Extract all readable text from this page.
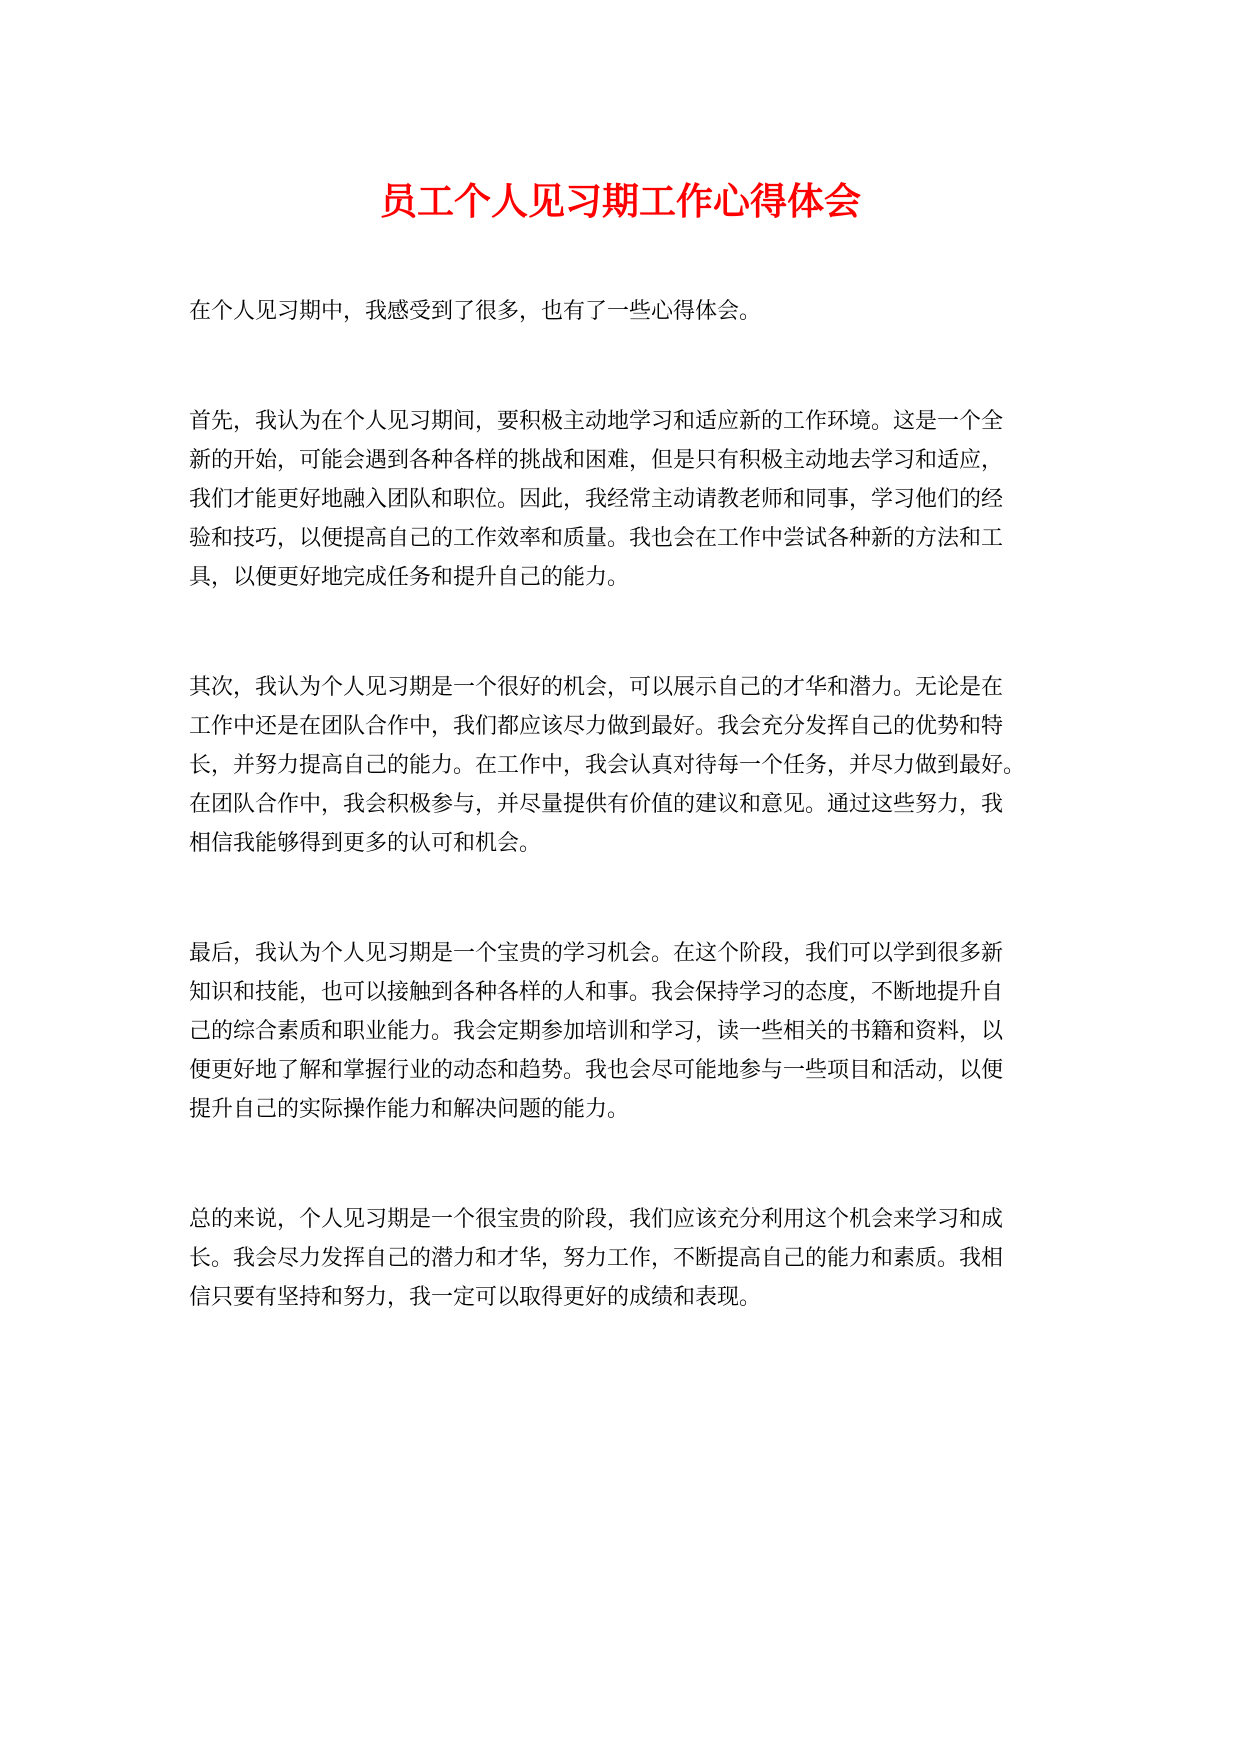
员工个人见习期工作心得体会
在个人见习期中，我感受到了很多，也有了一些心得体会。
首先，我认为在个人见习期间，要积极主动地学习和适应新的工作环境。这是一个全
新的开始，可能会遇到各种各样的挑战和困难，但是只有积极主动地去学习和适应，
我们才能更好地融入团队和职位。因此，我经常主动请教老师和同事，学习他们的经
验和技巧，以便提高自己的工作效率和质量。我也会在工作中尝试各种新的方法和工
具，以便更好地完成任务和提升自己的能力。
其次，我认为个人见习期是一个很好的机会，可以展示自己的才华和潜力。无论是在
工作中还是在团队合作中，我们都应该尽力做到最好。我会充分发挥自己的优势和特
长，并努力提高自己的能力。在工作中，我会认真对待每一个任务，并尽力做到最好。
在团队合作中，我会积极参与，并尽量提供有价值的建议和意见。通过这些努力，我
相信我能够得到更多的认可和机会。
最后，我认为个人见习期是一个宝贵的学习机会。在这个阶段，我们可以学到很多新
知识和技能，也可以接触到各种各样的人和事。我会保持学习的态度，不断地提升自
己的综合素质和职业能力。我会定期参加培训和学习，读一些相关的书籍和资料，以
便更好地了解和掌握行业的动态和趋势。我也会尽可能地参与一些项目和活动，以便
提升自己的实际操作能力和解决问题的能力。
总的来说，个人见习期是一个很宝贵的阶段，我们应该充分利用这个机会来学习和成
长。我会尽力发挥自己的潜力和才华，努力工作，不断提高自己的能力和素质。我相
信只要有坚持和努力，我一定可以取得更好的成绩和表现。
